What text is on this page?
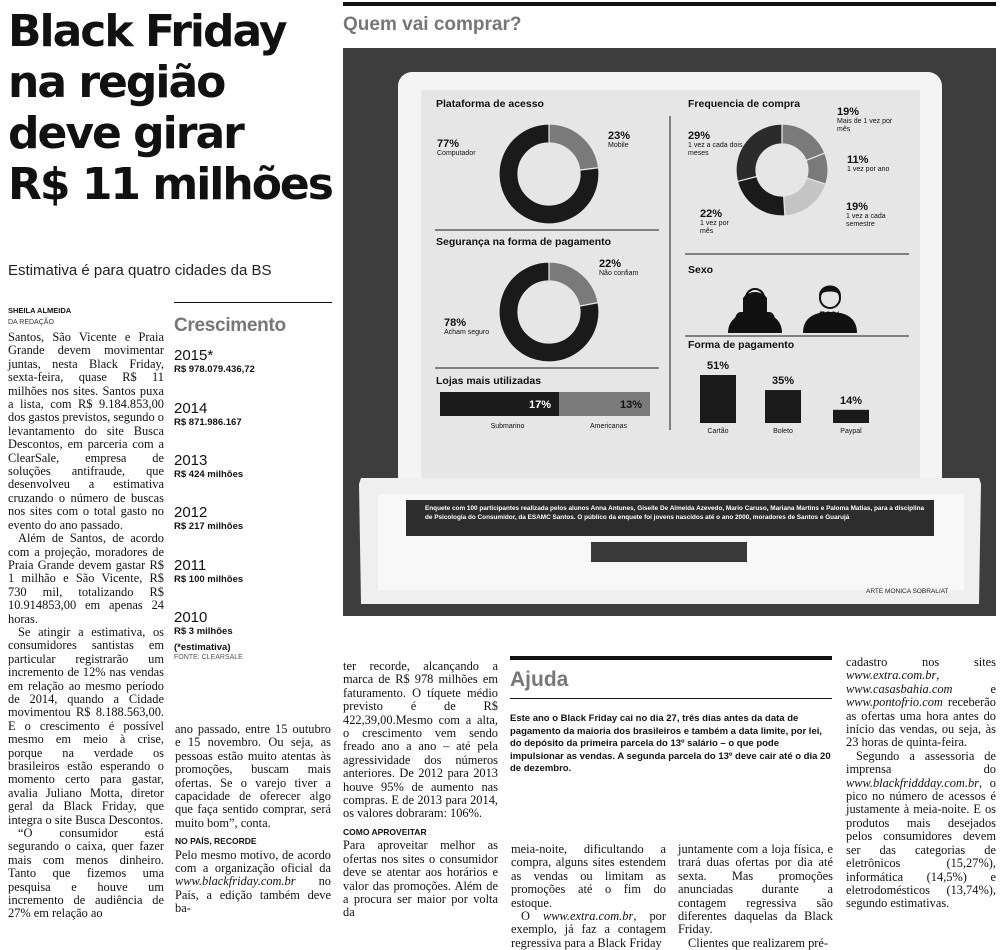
Black Friday
na região
deve girar
R$ 11 milhões
Estimativa é para quatro cidades da BS
SHEILA ALMEIDA
DA REDAÇÃO

Santos, São Vicente e Praia Grande devem movimentar juntas, nesta Black Friday, sexta-feira, quase R$ 11 milhões nos sites. Santos puxa a lista, com R$ 9.184.853,00 dos gastos previstos, segundo o levantamento do site Busca Descontos, em parceria com a ClearSale, empresa de soluções antifraude, que desenvolveu a estimativa cruzando o número de buscas nos sites com o total gasto no evento do ano passado.

Além de Santos, de acordo com a projeção, moradores de Praia Grande devem gastar R$ 1 milhão e São Vicente, R$ 730 mil, totalizando R$ 10.914853,00 em apenas 24 horas.

Se atingir a estimativa, os consumidores santistas em particular registrarão um incremento de 12% nas vendas em relação ao mesmo período de 2014, quando a Cidade movimentou R$ 8.188.563,00. E o crescimento é possível mesmo em meio à crise, porque na verdade os brasileiros estão esperando o momento certo para gastar, avalia Juliano Motta, diretor geral da Black Friday, que integra o site Busca Descontos.

“O consumidor está segurando o caixa, quer fazer mais com menos dinheiro. Tanto que fizemos uma pesquisa e houve um incremento de audiência de 27% em relação ao

Crescimento
2015*
R$ 978.079.436,72
2014
R$ 871.986.167
2013
R$ 424 milhões
2012
R$ 217 milhões
2011
R$ 100 milhões
2010
R$ 3 milhões
(*estimativa)
FONTE: CLEARSALE

ano passado, entre 15 outubro e 15 novembro. Ou seja, as pessoas estão muito atentas às promoções, buscam mais ofertas. Se o varejo tiver a capacidade de oferecer algo que faça sentido comprar, será muito bom”, conta.

NO PAÍS, RECORDE

Pelo mesmo motivo, de acordo com a organização oficial da www.blackfriday.com.br no País, a edição também deve ba-

ter recorde, alcançando a marca de R$ 978 milhões em faturamento. O tíquete médio previsto é de R$ 422,39,00.Mesmo com a alta, o crescimento vem sendo freado ano a ano – até pela agressividade dos números anteriores. De 2012 para 2013 houve 95% de aumento nas compras. E de 2013 para 2014, os valores dobraram: 106%.

COMO APROVEITAR

Para aproveitar melhor as ofertas nos sites o consumidor deve se atentar aos horários e valor das promoções. Além de a procura ser maior por volta da

Ajuda
Este ano o Black Friday cai no dia 27, três dias antes da data de pagamento da maioria dos brasileiros e também a data limite, por lei, do depósito da primeira parcela do 13º salário – o que pode impulsionar as vendas. A segunda parcela do 13º deve cair até o dia 20 de dezembro.

meia-noite, dificultando a compra, alguns sites estendem as vendas ou limitam as promoções até o fim do estoque.

O www.extra.com.br, por exemplo, já faz a contagem regressiva para a Black Friday

juntamente com a loja física, e trará duas ofertas por dia até sexta. Mas promoções anunciadas durante a contagem regressiva são diferentes daquelas da Black Friday.

Clientes que realizarem pré-

cadastro nos sites www.extra.com.br, www.casasbahia.com e www.pontofrio.com receberão as ofertas uma hora antes do início das vendas, ou seja, às 23 horas de quinta-feira.

Segundo a assessoria de imprensa do www.blackfriddday.com.br, o pico no número de acessos é justamente à meia-noite. E os produtos mais desejados pelos consumidores devem ser das categorias de eletrônicos (15,27%), informática (14,5%) e eletrodomésticos (13,74%), segundo estimativas.

Quem vai comprar?
17%
Submarino
13%
Americanas
51%
Cartão
35%
Boleto
14%
Paypal
Plataforma de acesso	Frequencia de compra
Segurança na forma de pagamento
Sexo
Lojas mais utilizadas
Forma de pagamento
77%
Computador
23%
Mobile
78%
Acham seguro
22%
Não confiam
29%
1 vez a cada dois meses
22%
1 vez por mês
19%
Mais de 1 vez por mês
11%
1 vez por ano
19%
1 vez a cada semestre
50%
Mulheres
50%
Homens
Enquete com 100 participantes realizada pelos alunos Anna Antunes, Giselle De Almeida Azevedo, Mario Caruso, Mariana Martins e Paloma Matias, para a disciplina de Psicologia do Consumidor, da ESAMC Santos. O público da enquete foi jovens nascidos até o ano 2000, moradores de Santos e Guarujá
ARTE MONICA SOBRAL/AT
